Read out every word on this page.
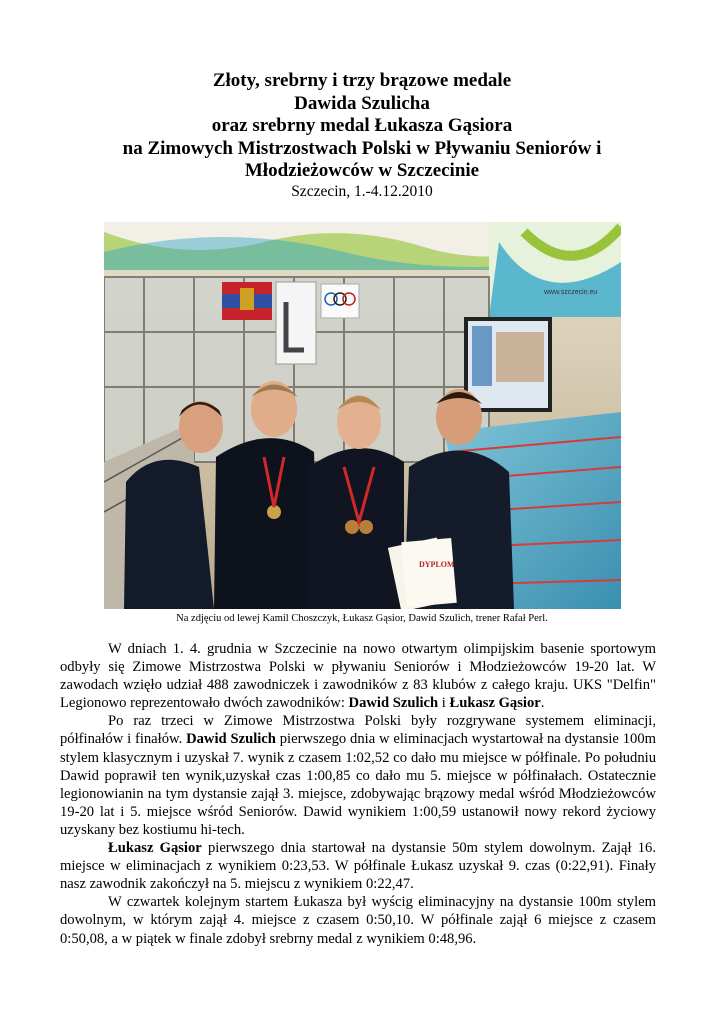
Złoty, srebrny i trzy brązowe medale
Dawida Szulicha
oraz srebrny medal Łukasza Gąsiora
na Zimowych Mistrzostwach Polski w Pływaniu Seniorów i
Młodzieżowców w Szczecinie
Szczecin, 1.-4.12.2010
www.szczecin.eu
DYPLOM
Na zdjęciu od lewej Kamil Choszczyk, Łukasz Gąsior, Dawid Szulich, trener Rafał Perl.

W dniach 1. 4. grudnia w Szczecinie na nowo otwartym olimpijskim basenie sportowym odbyły się Zimowe Mistrzostwa Polski w pływaniu Seniorów i Młodzieżowców 19-20 lat. W zawodach wzięło udział 488 zawodniczek i zawodników z 83 klubów z całego kraju. UKS "Delfin" Legionowo reprezentowało dwóch zawodników: Dawid Szulich i Łukasz Gąsior.

Po raz trzeci w Zimowe Mistrzostwa Polski były rozgrywane systemem eliminacji, półfinałów i finałów. Dawid Szulich pierwszego dnia w eliminacjach wystartował na dystansie 100m stylem klasycznym i uzyskał 7. wynik z czasem 1:02,52 co dało mu miejsce w półfinale. Po południu Dawid poprawił ten wynik,uzyskał czas 1:00,85 co dało mu 5. miejsce w półfinałach. Ostatecznie legionowianin na tym dystansie zajął 3. miejsce, zdobywając brązowy medal wśród Młodzieżowców 19-20 lat i 5. miejsce wśród Seniorów. Dawid wynikiem 1:00,59 ustanowił nowy rekord życiowy uzyskany bez kostiumu hi-tech.

Łukasz Gąsior pierwszego dnia startował na dystansie 50m stylem dowolnym. Zajął 16. miejsce w eliminacjach z wynikiem 0:23,53. W półfinale Łukasz uzyskał 9. czas (0:22,91). Finały nasz zawodnik zakończył na 5. miejscu z wynikiem 0:22,47.

W czwartek kolejnym startem Łukasza był wyścig eliminacyjny na dystansie 100m stylem dowolnym, w którym zajął 4. miejsce z czasem 0:50,10. W półfinale zajął 6 miejsce z czasem 0:50,08, a w piątek w finale zdobył srebrny medal z wynikiem 0:48,96.
